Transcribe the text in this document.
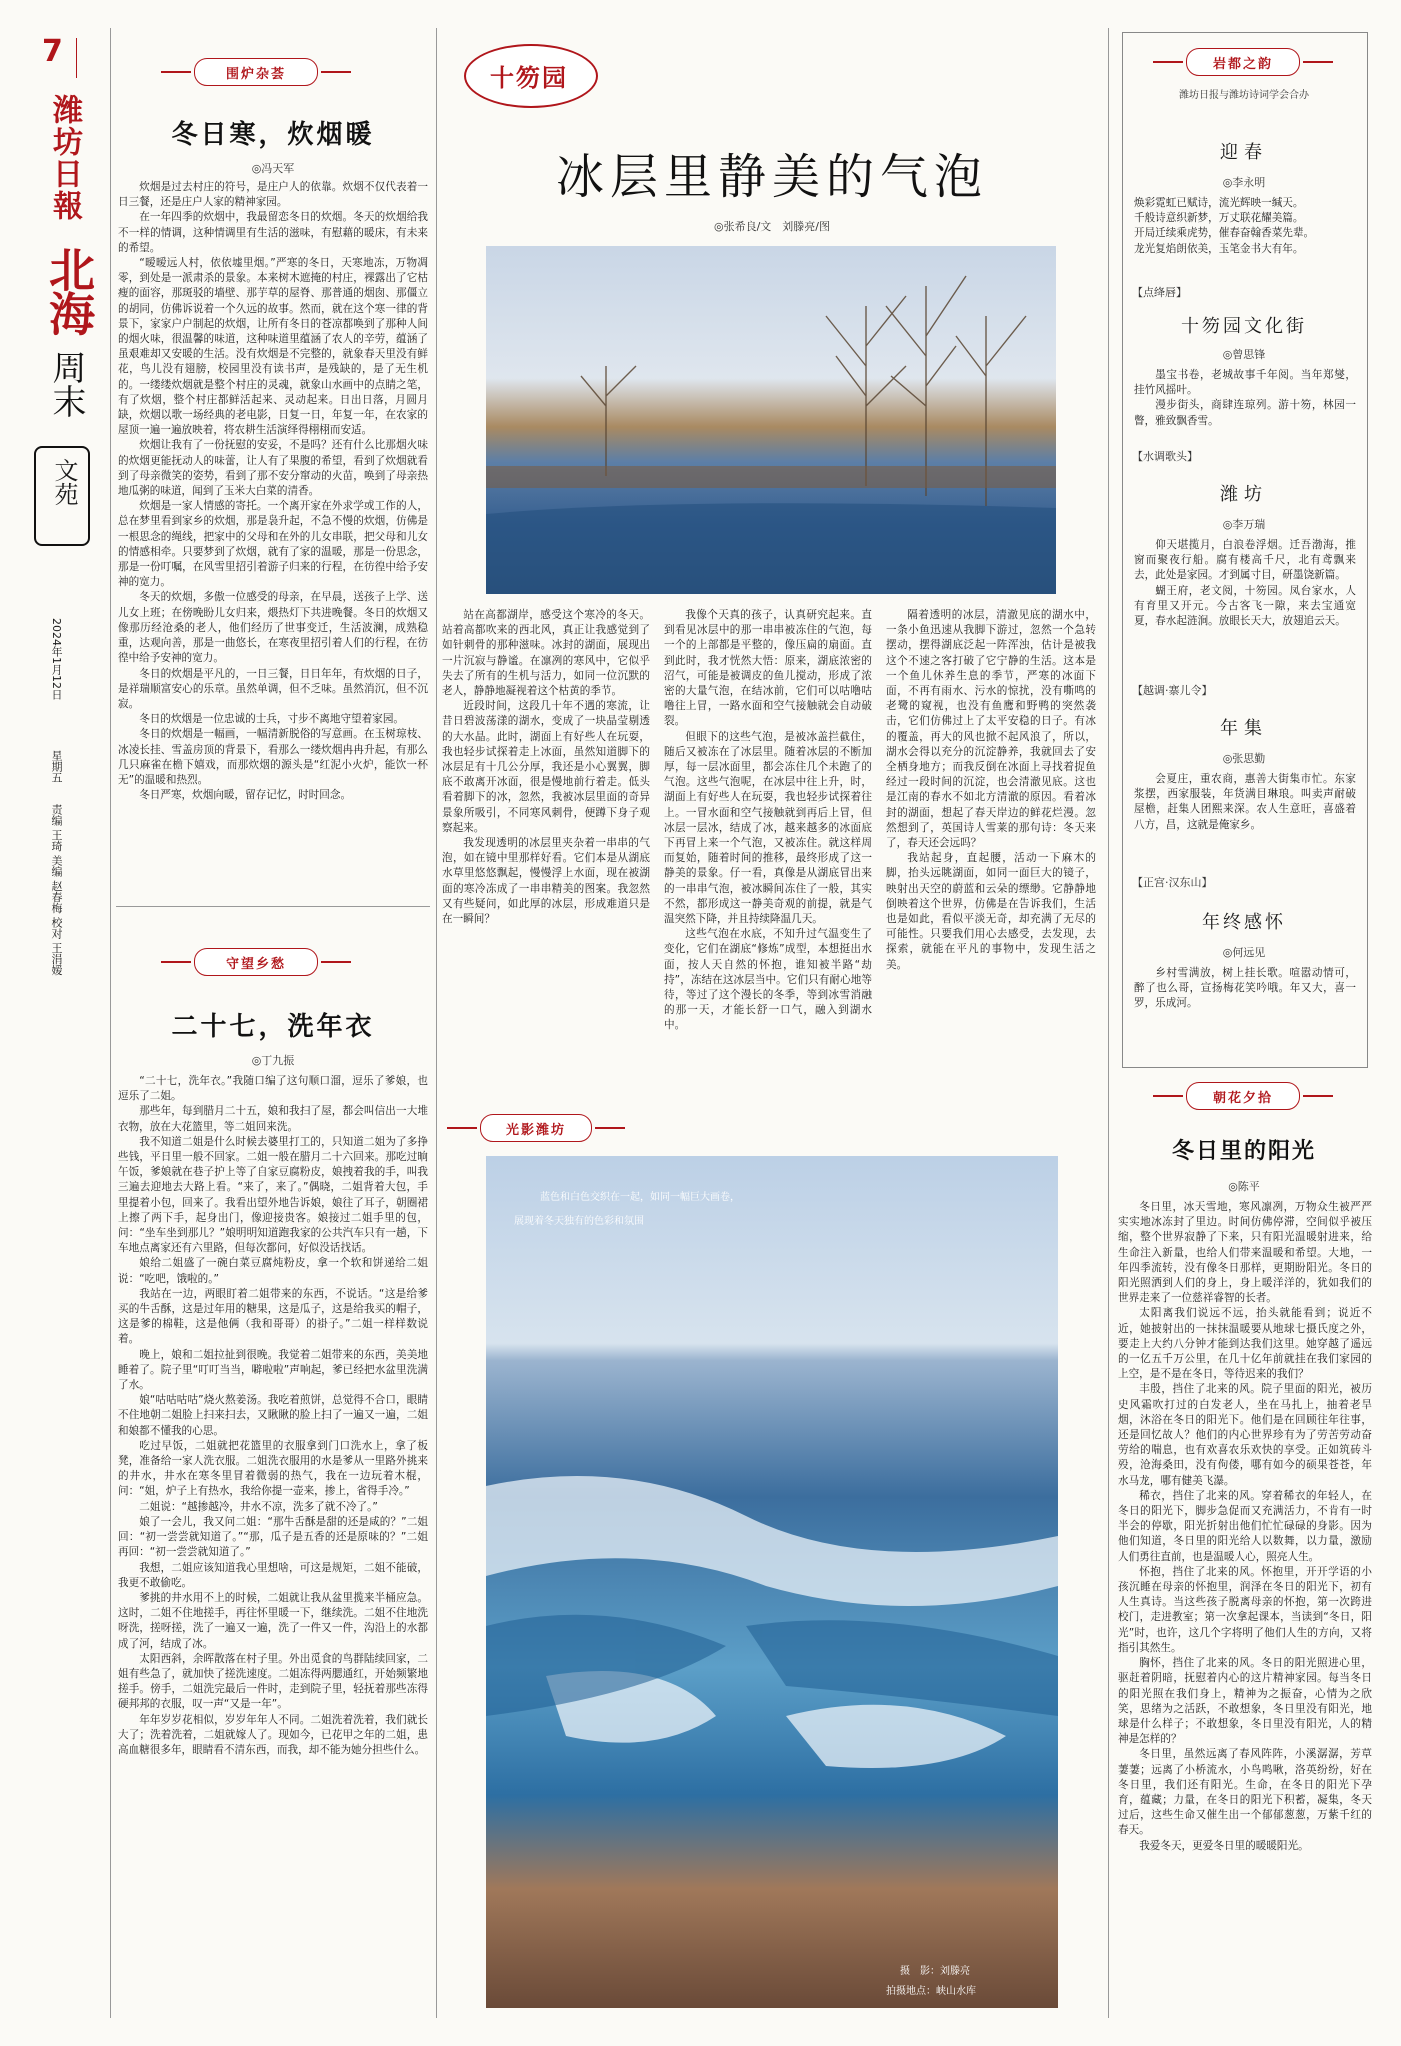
7
潍坊日報
北海
周末
文苑
2024年1月12日
星期五
责编 王琦 美编 赵春梅 校对 王涓嫒
围炉杂荟
冬日寒，炊烟暖
◎冯天军

炊烟是过去村庄的符号，是庄户人的依靠。炊烟不仅代表着一日三餐，还是庄户人家的精神家园。

在一年四季的炊烟中，我最留恋冬日的炊烟。冬天的炊烟给我不一样的情调，这种情调里有生活的滋味，有慰藉的暖床，有未来的希望。

“暧暧远人村，依依墟里烟。”严寒的冬日，天寒地冻，万物凋零，到处是一派肃杀的景象。本来树木遮掩的村庄，裸露出了它枯瘦的面容，那斑驳的墙壁、那芋草的屋脊、那普通的烟囱、那僵立的胡同，仿佛诉说着一个久远的故事。然而，就在这个寒一律的背景下，家家户户制起的炊烟，让所有冬日的苍凉都唤到了那种人间的烟火味，很温馨的味道，这种味道里蕴涵了农人的辛劳，蕴涵了虽艰难却又安暖的生活。没有炊烟是不完整的，就象春天里没有鲜花，鸟儿没有翅膀，校园里没有读书声，是残缺的，是了无生机的。一缕缕炊烟就是整个村庄的灵魂，就象山水画中的点睛之笔，有了炊烟，整个村庄都鲜活起来、灵动起来。日出日落，月圆月缺，炊烟以歌一场经典的老电影，日复一日，年复一年，在农家的屋顶一遍一遍放映着，将农耕生活演绎得栩栩而安适。

炊烟让我有了一份抚慰的安妥，不是吗？还有什么比那烟火味的炊烟更能抚动人的味蕾，让人有了果腹的希望，看到了炊烟就看到了母亲微笑的姿势，看到了那不安分窜动的火苗，唤到了母亲热地瓜粥的味道，闻到了玉米大白菜的清香。

炊烟是一家人情感的寄托。一个离开家在外求学或工作的人，总在梦里看到家乡的炊烟，那是袅升起，不急不慢的炊烟，仿佛是一根思念的绳线，把家中的父母和在外的儿女串联，把父母和儿女的情感相牵。只要梦到了炊烟，就有了家的温暖，那是一份思念，那是一份叮嘱，在风雪里招引着游子归来的行程，在彷徨中给予安神的宽力。

冬天的炊烟，多傲一位感受的母亲，在早晨，送孩子上学、送儿女上班；在傍晚盼儿女归来，煨热灯下共进晚餐。冬日的炊烟又像那历经沧桑的老人，他们经历了世事变迁，生活波澜，成熟稳重，达观向善，那是一曲悠长，在寒夜里招引着人们的行程，在彷徨中给予安神的宽力。

冬日的炊烟是平凡的，一日三餐，日日年年，有炊烟的日子，是祥瑞顺富安心的乐章。虽然单调，但不乏味。虽然消沉，但不沉寂。

冬日的炊烟是一位忠诚的士兵，寸步不离地守望着家园。

冬日的炊烟是一幅画，一幅清新脱俗的写意画。在玉树琼枝、冰凌长挂、雪盖房顶的背景下，看那么一缕炊烟冉冉升起，有那么几只麻雀在檐下嬉戏，而那炊烟的源头是“红泥小火炉，能饮一杯无”的温暖和热烈。

冬日严寒，炊烟向暖，留存记忆，时时回念。

守望乡愁
二十七，洗年衣
◎丁九振

“二十七，洗年衣。”我随口编了这句顺口溜，逗乐了爹娘，也逗乐了二姐。

那些年，每到腊月二十五，娘和我扫了屋，都会叫信出一大堆衣物，放在大花篮里，等二姐回来洗。

我不知道二姐是什么时候去婆里打工的，只知道二姐为了多挣些钱，平日里一般不回家。二姐一般在腊月二十六回来。那吃过晌午饭，爹娘就在巷子护上等了自家豆腐粉皮，娘拽着我的手，叫我三遍去迎地去大路上看。“来了，来了。”偶晓，二姐背着大包，手里提着小包，回来了。我看出望外地告诉娘，娘往了耳子，朝圈裙上擦了两下手，起身出门，像迎接贵客。娘接过二姐手里的包，问：“坐车坐到那儿？”娘明明知道跑我家的公共汽车只有一趟，下车地点离家还有六里路，但每次都问，好似没话找话。

娘给二姐盛了一碗白菜豆腐炖粉皮，拿一个软和饼递给二姐说：“吃吧，饿啦的。”

我站在一边，两眼盯着二姐带来的东西，不说话。“这是给爹买的牛舌酥，这是过年用的糖果，这是瓜子，这是给我买的帽子，这是爹的棉鞋，这是他俩（我和哥哥）的褂子。”二姐一样样数说着。

晚上，娘和二姐拉扯到很晚。我觉着二姐带来的东西，美美地睡着了。院子里“叮叮当当，噼啦啦”声响起，爹已经把水盆里洗满了水。

娘“咕咕咕咕”烧火熬姜汤。我吃着煎饼，总觉得不合口，眼睛不住地朝二姐脸上扫来扫去，又瞅瞅的脸上扫了一遍又一遍，二姐和娘都不懂我的心思。

吃过早饭，二姐就把花篮里的衣服拿到门口洗水上，拿了板凳，准备给一家人洗衣服。二姐洗衣服用的水是爹从一里路外挑来的井水，井水在寒冬里冒着微弱的热气，我在一边玩着木棍，问：“姐，炉子上有热水，我给你提一壶来，掺上，省得手冷。”

二姐说：“越掺越冷，井水不凉，洗多了就不冷了。”

娘了一会儿，我又问二姐：“那牛舌酥是甜的还是咸的？”二姐回：“初一尝尝就知道了。”“那，瓜子是五香的还是原味的？”二姐再回：“初一尝尝就知道了。”

我想，二姐应该知道我心里想啥，可这是规矩，二姐不能破，我更不敢偷吃。

爹挑的井水用不上的时候，二姐就让我从盆里揽来半桶应急。这时，二姐不住地搓手，再往怀里暖一下，继续洗。二姐不住地洗呀洗，搓呀搓，洗了一遍又一遍，洗了一件又一件，沟沿上的水都成了河，结成了冰。

太阳西斜，余晖散落在村子里。外出觅食的鸟群陆续回家，二姐有些急了，就加快了搓洗速度。二姐冻得两腮通红，开始频繁地搓手。傍手，二姐洗完最后一件时，走到院子里，轻抚着那些冻得硬邦邦的衣服，叹一声“又是一年”。

年年岁岁花相似，岁岁年年人不同。二姐洗着洗着，我们就长大了；洗着洗着，二姐就嫁人了。现如今，已花甲之年的二姐，患高血糖很多年，眼睛看不清东西，而我，却不能为她分担些什么。

十笏园
冰层里静美的气泡
◎张希良/文　刘滕亮/图

站在高都湖岸，感受这个寒冷的冬天。站着高都吹来的西北风，真正让我感觉到了如针刺骨的那种滋味。冰封的湖面，展现出一片沉寂与静谧。在凛冽的寒风中，它似乎失去了所有的生机与活力，如同一位沉默的老人，静静地凝视着这个枯黄的季节。

近段时间，这段几十年不遇的寒流，让昔日碧波荡漾的湖水，变成了一块晶莹剔透的大水晶。此时，湖面上有好些人在玩耍，我也轻步试探着走上冰面，虽然知道脚下的冰层足有十几公分厚，我还是小心翼翼，脚底不敢离开冰面，很是慢地前行着走。低头看着脚下的冰，忽然，我被冰层里面的奇异景象所吸引，不同寒风刺骨，便蹲下身子观察起来。

我发现透明的冰层里夹杂着一串串的气泡，如在镜中里那样好看。它们本是从湖底水草里悠悠飘起，慢慢浮上水面，现在被湖面的寒冷冻成了一串串精美的图案。我忽然又有些疑问，如此厚的冰层，形成难道只是在一瞬间？

我像个天真的孩子，认真研究起来。直到看见冰层中的那一串串被冻住的气泡，每一个的上部都是平整的，像压扁的扇面。直到此时，我才恍然大悟：原来，湖底浓密的沼气，可能是被调皮的鱼儿搅动，形成了浓密的大量气泡，在结冰前，它们可以咕噜咕噜往上冒，一路水面和空气接触就会自动破裂。

但眼下的这些气泡，是被冰盖拦截住，随后又被冻在了冰层里。随着冰层的不断加厚，每一层冰面里，都会冻住几个未跑了的气泡。这些气泡呢，在冰层中往上升，时，湖面上有好些人在玩耍，我也轻步试探着往上。一冒水面和空气接触就到再后上冒，但冰层一层冰，结成了冰，越来越多的冰面底下再冒上来一个气泡，又被冻住。就这样周而复始，随着时间的推移，最终形成了这一静美的景象。仔一看，真像是从湖底冒出来的一串串气泡，被冰瞬间冻住了一般，其实不然，都形成这一静美奇观的前提，就是气温突然下降，并且持续降温几天。

这些气泡在水底，不知升过气温变生了变化，它们在湖底“修炼”成型，本想挺出水面，按人天自然的怀抱，谁知被半路“劫持”，冻结在这冰层当中。它们只有耐心地等待，等过了这个漫长的冬季，等到冰雪消融的那一天，才能长舒一口气，融入到湖水中。

隔着透明的冰层，清澈见底的湖水中，一条小鱼迅速从我脚下游过，忽然一个急转摆动，摆得湖底泛起一阵浑浊，估计是被我这个不速之客打破了它宁静的生活。这本是一个鱼儿休养生息的季节，严寒的冰面下面，不再有雨水、污水的惊扰，没有嘶鸣的老鹭的窥视，也没有鱼鹰和野鸭的突然袭击，它们仿佛过上了太平安稳的日子。有冰的覆盖，再大的风也掀不起风浪了，所以，湖水会得以充分的沉淀静养，我就回去了安全栖身地方；而我反倒在冰面上寻找着捉鱼经过一段时间的沉淀，也会清澈见底。这也是江南的春水不如北方清澈的原因。看着冰封的湖面，想起了春天岸边的鲜花烂漫。忽然想到了，英国诗人雪莱的那句诗：冬天来了，春天还会远吗？

我站起身，直起腰，活动一下麻木的脚，抬头远眺湖面，如同一面巨大的镜子，映射出天空的蔚蓝和云朵的缥缈。它静静地倒映着这个世界，仿佛是在告诉我们，生活也是如此，看似平淡无奇，却充满了无尽的可能性。只要我们用心去感受，去发现，去探索，就能在平凡的事物中，发现生活之美。

光影潍坊
蓝色和白色交织在一起，如同一幅巨大画卷，
展现着冬天独有的色彩和氛围
摄　影：刘滕亮
拍摄地点：峡山水库
岩都之韵
潍坊日报与潍坊诗词学会合办
迎春
◎李永明

焕彩霓虹已赋诗，流光辉映一缄天。

千般诗意织新梦，万丈联花耀美篇。

开局迁续乘虎势，催春奋翰香菜先辈。

龙光复焰朗依美，玉笔金书大有年。

【点绛唇】
十笏园文化街
◎曾思锋

墨宝书卷，老城故事千年阅。当年郑燮，挂竹风摇叶。

漫步街头，商肆连琼列。游十笏，林园一瞥，雅致飘香雪。

【水调歌头】
潍坊
◎李万瑞

仰天堪揽月，白浪卷浮烟。迁吾渤海，推窗而聚夜行船。腐有楼高千尺，北有鸢飘来去，此处是家园。才到属寸目，研墨饶新篇。

蝴王府，老文阅，十笏园。凤台家水，人有育里又开元。今古客飞一隙，来去宝通宽夏，春水起涟涧。放眼长天大，放翅追云天。

【越调·寨儿令】
年集
◎张思勤

会夏庄，重农商，惠善大街集市忙。东家浆摆，西家服装，年货满目琳琅。叫卖声耐破屋檐，赶集人团熙来深。农人生意旺，喜盛着八方，昌，这就是俺家乡。

【正宫·汉东山】
年终感怀
◎何远见

乡村雪满放，树上挂长歌。喧嚣动情可，醉了也么哥，宣扬梅花笑吟哦。年又大，喜一罗，乐成河。

朝花夕拾
冬日里的阳光
◎陈平

冬日里，冰天雪地，寒风凛冽，万物众生被严严实实地冰冻封了里边。时间仿佛停滞，空间似乎被压缩，整个世界寂静了下来，只有阳光温暖射进来，给生命注入新量，也给人们带来温暖和希望。大地，一年四季流转，没有像冬日那样，更期盼阳光。冬日的阳光照洒到人们的身上，身上暖洋洋的，犹如我们的世界走来了一位慈祥睿智的长者。

太阳离我们说远不远，抬头就能看到；说近不近，她披射出的一抹抹温暖要从地球七摄氏度之外，要走上大约八分钟才能到达我们这里。她穿越了遥远的一亿五千万公里，在几十亿年前就挂在我们家园的上空，是不是在冬日，等待迟来的我们？

丰殷，挡住了北来的风。院子里面的阳光，被历史风霜吹打过的白发老人，坐在马扎上，抽着老旱烟，沐浴在冬日的阳光下。他们是在回顾往年往事，还是回忆故人？他们的内心世界珍有为了劳苦劳动奋劳给的喘息，也有欢喜农乐欢快的享受。正如筑砖斗殁，沧海桑田，没有佝偻，哪有如今的硕果苍苍，年水马龙，哪有健美飞瀑。

稀衣，挡住了北来的风。穿着稀衣的年轻人，在冬日的阳光下，脚步急促而又充满活力，不肯有一时半会的停歇，阳光折射出他们忙忙碌碌的身影。因为他们知道，冬日里的阳光给人以数舞，以力量，激励人们勇往直前，也是温暖人心，照亮人生。

怀抱，挡住了北来的风。怀抱里，开开学语的小孩沉睡在母亲的怀抱里，润泽在冬日的阳光下，初有人生真诗。当这些孩子脱离母亲的怀抱，第一次跨进校门，走进教室；第一次拿起课本，当读到“冬日，阳光”时，也许，这几个字将明了他们人生的方向，又将指引其然生。

胸怀，挡住了北来的风。冬日的阳光照进心里，驱赶着阴暗，抚慰着内心的这片精神家园。每当冬日的阳光照在我们身上，精神为之振奋，心情为之欣笑，思绪为之活跃，不敢想象，冬日里没有阳光，地球是什么样子；不敢想象，冬日里没有阳光，人的精神是怎样的？

冬日里，虽然远离了春风阵阵，小溪潺潺，芳草萋萋；远离了小桥流水，小鸟鸣啾，洛英纷纷，好在冬日里，我们还有阳光。生命，在冬日的阳光下孕育，蕴藏；力量，在冬日的阳光下积蓄，凝集，冬天过后，这些生命又催生出一个郁郁葱葱，万紫千红的春天。

我爱冬天，更爱冬日里的暖暖阳光。
